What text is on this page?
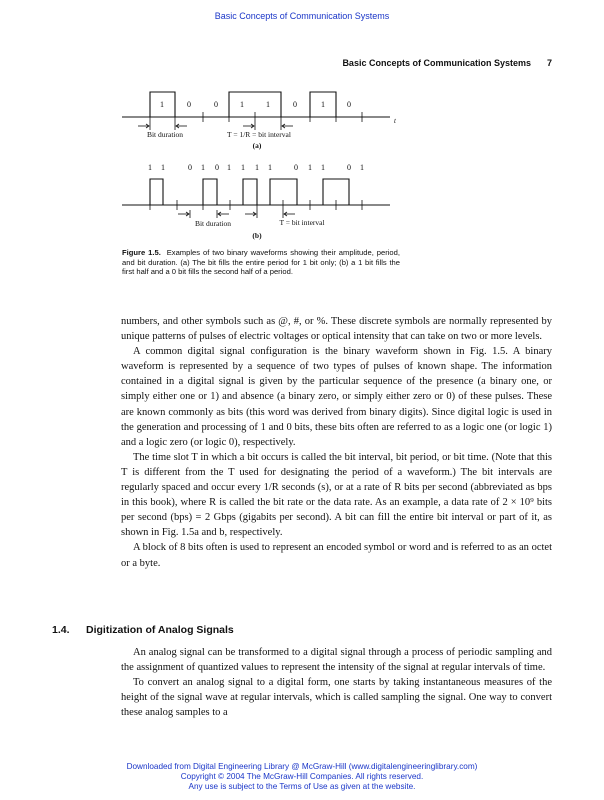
Basic Concepts of Communication Systems
Basic Concepts of Communication Systems 7
1	0	0	1	1	0	1	0
t
Bit duration	T = 1/R = bit interval
(a)
1 1	0 1 0 1 1 1 1	0 1 1	0 1
Bit duration	T = bit interval
(b)
Figure 1.5. Examples of two binary waveforms showing their amplitude, period, and bit duration. (a) The bit fills the entire period for 1 bit only; (b) a 1 bit fills the first half and a 0 bit fills the second half of a period.

numbers, and other symbols such as @, #, or %. These discrete symbols are normally represented by unique patterns of pulses of electric voltages or optical intensity that can take on two or more levels.

A common digital signal configuration is the binary waveform shown in Fig. 1.5. A binary waveform is represented by a sequence of two types of pulses of known shape. The information contained in a digital signal is given by the particular sequence of the presence (a binary one, or simply either one or 1) and absence (a binary zero, or simply either zero or 0) of these pulses. These are known commonly as bits (this word was derived from binary digits). Since digital logic is used in the generation and processing of 1 and 0 bits, these bits often are referred to as a logic one (or logic 1) and a logic zero (or logic 0), respectively.

The time slot T in which a bit occurs is called the bit interval, bit period, or bit time. (Note that this T is different from the T used for designating the period of a waveform.) The bit intervals are regularly spaced and occur every 1/R seconds (s), or at a rate of R bits per second (abbreviated as bps in this book), where R is called the bit rate or the data rate. As an example, a data rate of 2 × 10⁹ bits per second (bps) = 2 Gbps (gigabits per second). A bit can fill the entire bit interval or part of it, as shown in Fig. 1.5a and b, respectively.

A block of 8 bits often is used to represent an encoded symbol or word and is referred to as an octet or a byte.

1.4. Digitization of Analog Signals

An analog signal can be transformed to a digital signal through a process of periodic sampling and the assignment of quantized values to represent the intensity of the signal at regular intervals of time.

To convert an analog signal to a digital form, one starts by taking instantaneous measures of the height of the signal wave at regular intervals, which is called sampling the signal. One way to convert these analog samples to a

Downloaded from Digital Engineering Library @ McGraw-Hill (www.digitalengineeringlibrary.com)
Copyright © 2004 The McGraw-Hill Companies. All rights reserved.
Any use is subject to the Terms of Use as given at the website.
